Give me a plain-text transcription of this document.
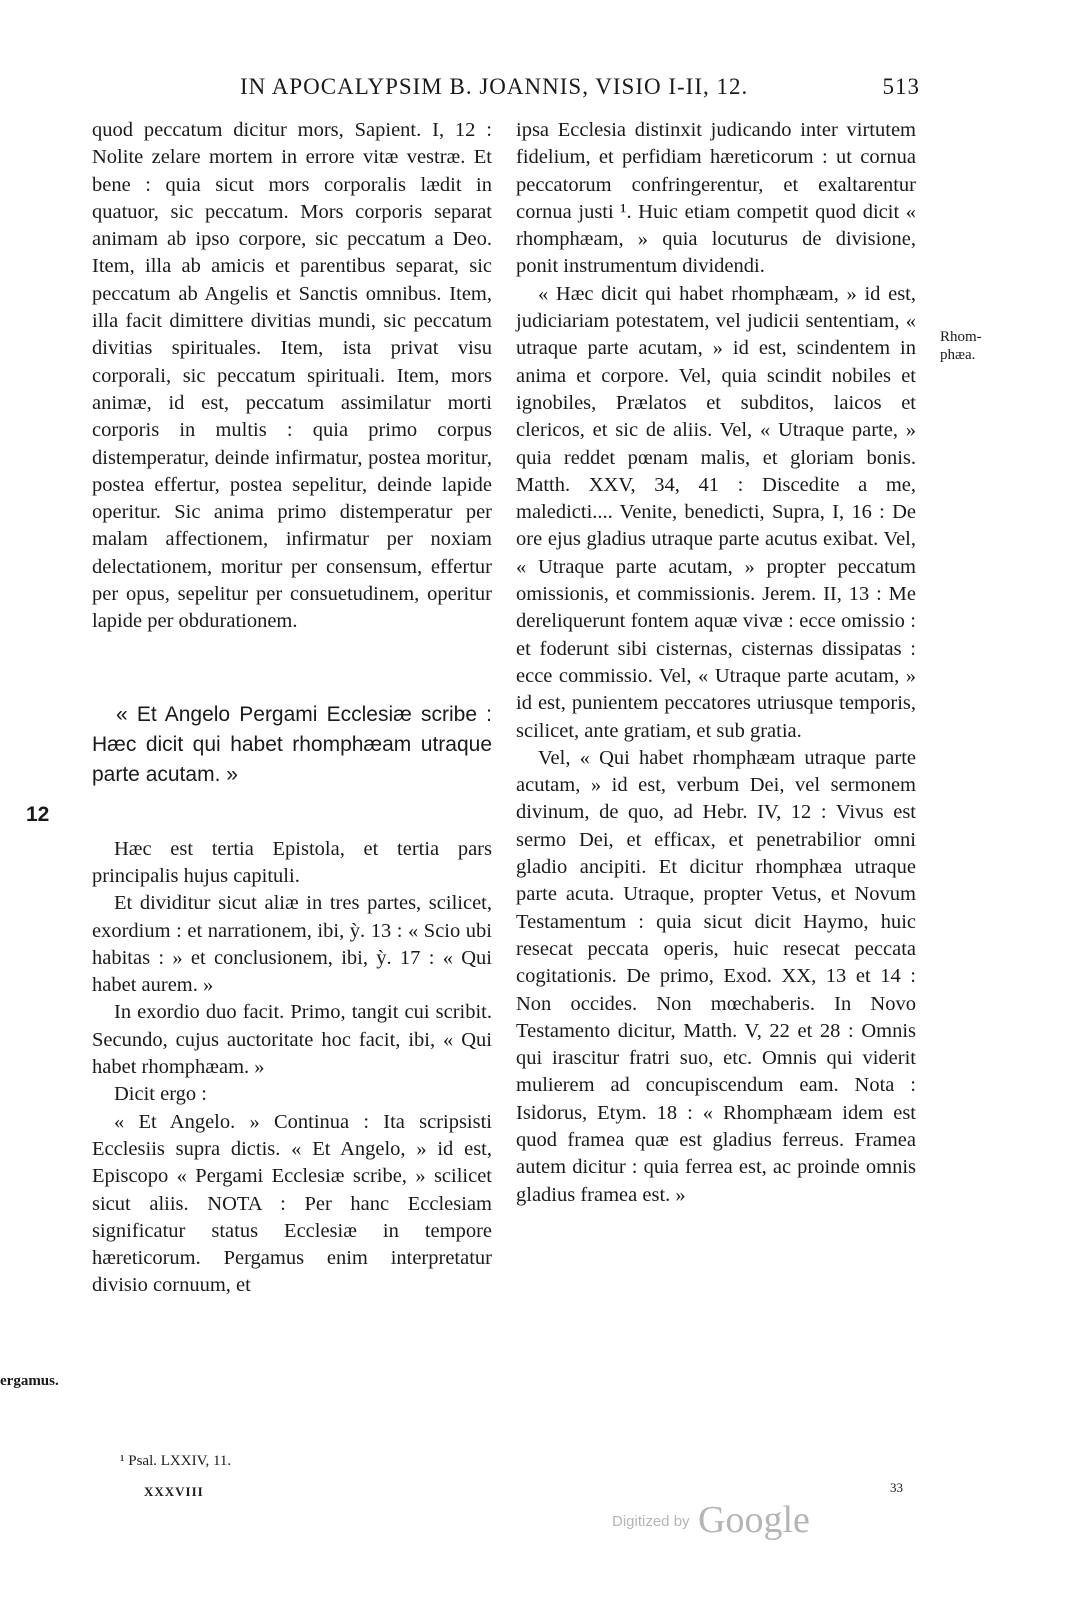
IN APOCALYPSIM B. JOANNIS, VISIO I-II, 12.	513

quod peccatum dicitur mors, Sapient. I, 12 : Nolite zelare mortem in errore vitæ vestræ. Et bene : quia sicut mors corporalis lædit in quatuor, sic peccatum. Mors corporis separat animam ab ipso corpore, sic peccatum a Deo. Item, illa ab amicis et parentibus separat, sic peccatum ab Angelis et Sanctis omnibus. Item, illa facit dimittere divitias mundi, sic peccatum divitias spirituales. Item, ista privat visu corporali, sic peccatum spirituali. Item, mors animæ, id est, peccatum assimilatur morti corporis in multis : quia primo corpus distemperatur, deinde infirmatur, postea moritur, postea effertur, postea sepelitur, deinde lapide operitur. Sic anima primo distemperatur per malam affectionem, infirmatur per noxiam delectationem, moritur per consensum, effertur per opus, sepelitur per consuetudinem, operitur lapide per obdurationem.

« Et Angelo Pergami Ecclesiæ scribe : Hæc dicit qui habet rhomphæam utraque parte acutam. »

Hæc est tertia Epistola, et tertia pars principalis hujus capituli.

Et dividitur sicut aliæ in tres partes, scilicet, exordium : et narrationem, ibi, ỳ. 13 : « Scio ubi habitas : » et conclusionem, ibi, ỳ. 17 : « Qui habet aurem. »

In exordio duo facit. Primo, tangit cui scribit. Secundo, cujus auctoritate hoc facit, ibi, « Qui habet rhomphæam. »

Dicit ergo :

« Et Angelo. » Continua : Ita scripsisti Ecclesiis supra dictis. « Et Angelo, » id est, Episcopo « Pergami Ecclesiæ scribe, » scilicet sicut aliis. NOTA : Per hanc Ecclesiam significatur status Ecclesiæ in tempore hæreticorum. Pergamus enim interpretatur divisio cornuum, et

ipsa Ecclesia distinxit judicando inter virtutem fidelium, et perfidiam hæreticorum : ut cornua peccatorum confringerentur, et exaltarentur cornua justi ¹. Huic etiam competit quod dicit « rhomphæam, » quia locuturus de divisione, ponit instrumentum dividendi.

« Hæc dicit qui habet rhomphæam, » id est, judiciariam potestatem, vel judicii sententiam, « utraque parte acutam, » id est, scindentem in anima et corpore. Vel, quia scindit nobiles et ignobiles, Prælatos et subditos, laicos et clericos, et sic de aliis. Vel, « Utraque parte, » quia reddet pœnam malis, et gloriam bonis. Matth. XXV, 34, 41 : Discedite a me, maledicti.... Venite, benedicti, Supra, I, 16 : De ore ejus gladius utraque parte acutus exibat. Vel, « Utraque parte acutam, » propter peccatum omissionis, et commissionis. Jerem. II, 13 : Me dereliquerunt fontem aquæ vivæ : ecce omissio : et foderunt sibi cisternas, cisternas dissipatas : ecce commissio. Vel, « Utraque parte acutam, » id est, punientem peccatores utriusque temporis, scilicet, ante gratiam, et sub gratia.

Vel, « Qui habet rhomphæam utraque parte acutam, » id est, verbum Dei, vel sermonem divinum, de quo, ad Hebr. IV, 12 : Vivus est sermo Dei, et efficax, et penetrabilior omni gladio ancipiti. Et dicitur rhomphæa utraque parte acuta. Utraque, propter Vetus, et Novum Testamentum : quia sicut dicit Haymo, huic resecat peccata operis, huic resecat peccata cogitationis. De primo, Exod. XX, 13 et 14 : Non occides. Non mœchaberis. In Novo Testamento dicitur, Matth. V, 22 et 28 : Omnis qui irascitur fratri suo, etc. Omnis qui viderit mulierem ad concupiscendum eam. Nota : Isidorus, Etym. 18 : « Rhomphæam idem est quod framea quæ est gladius ferreus. Framea autem dicitur : quia ferrea est, ac proinde omnis gladius framea est. »

12
Rhom-
phæa.
ergamus.
¹ Psal. LXXIV, 11.
XXXVIII	33
Digitized by Google
